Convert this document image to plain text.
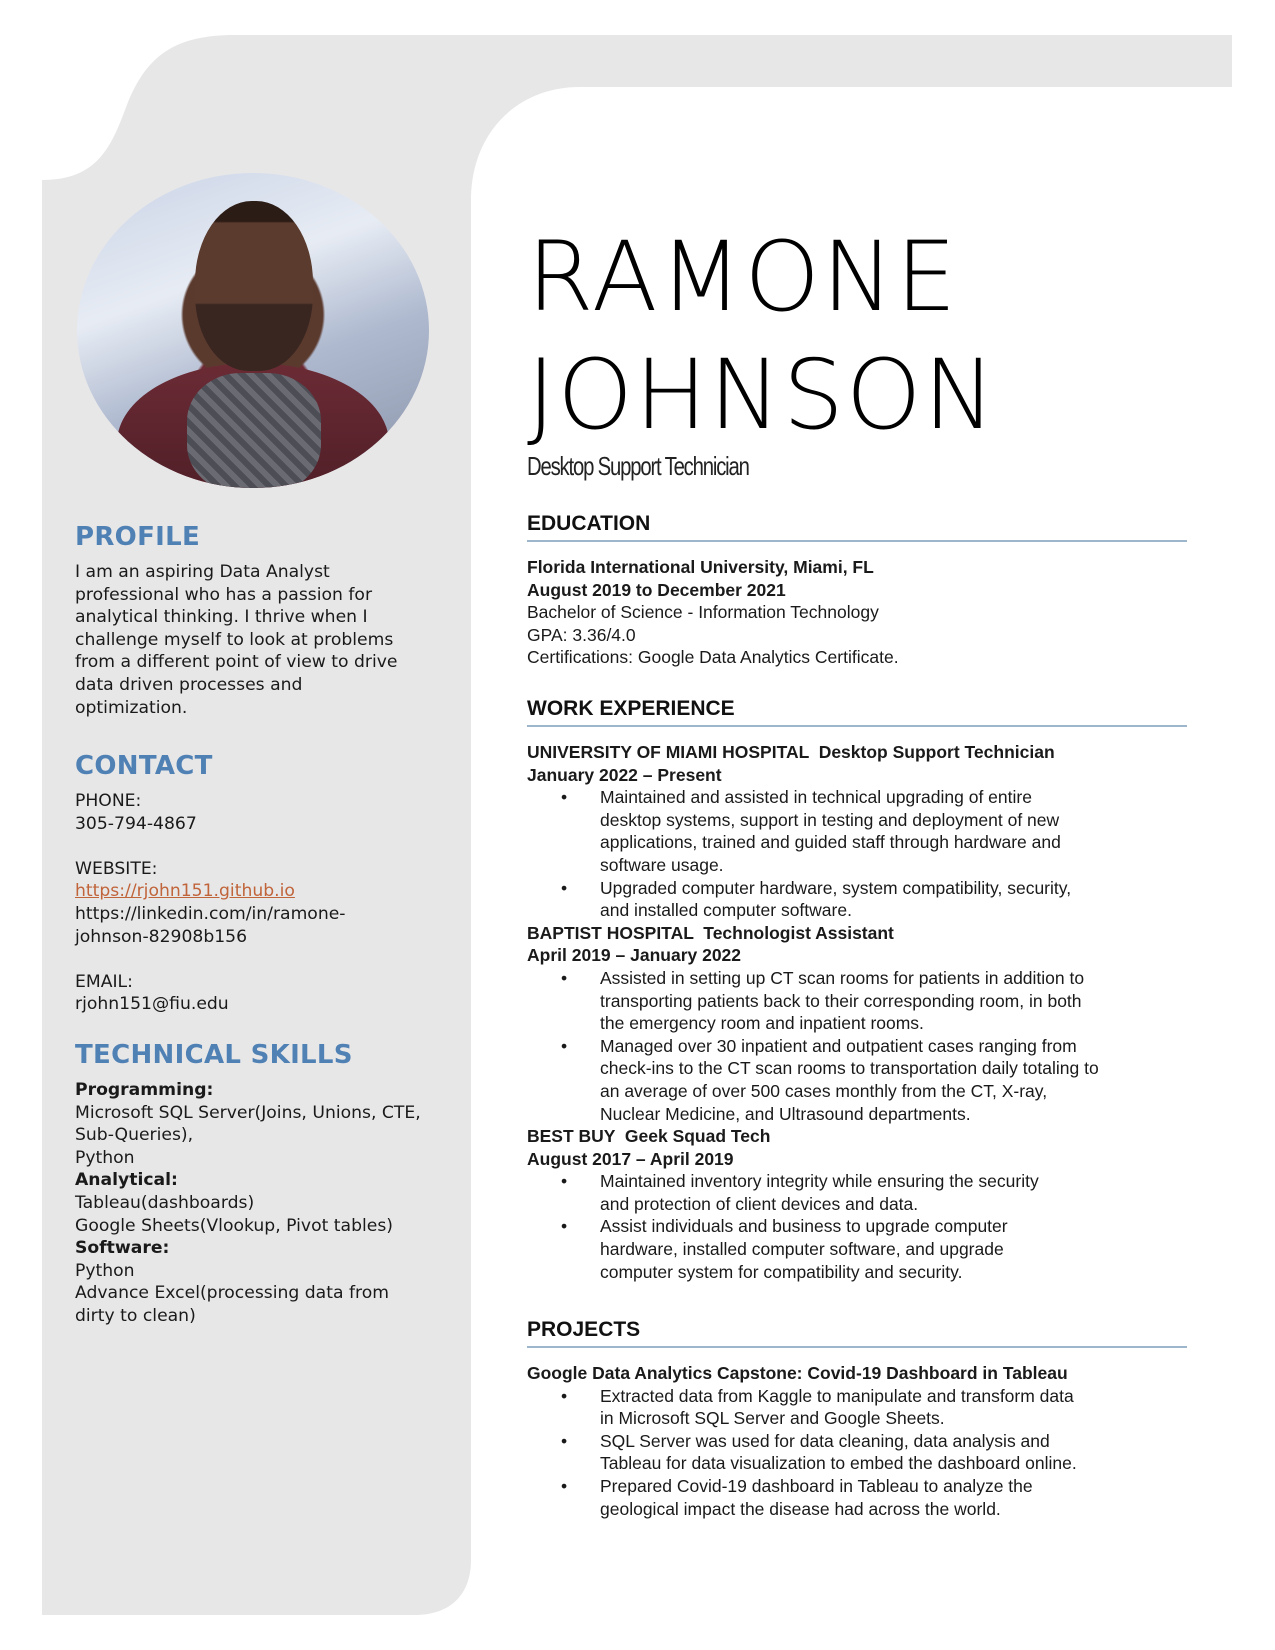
PROFILE

I am an aspiring Data Analyst

professional who has a passion for

analytical thinking. I thrive when I

challenge myself to look at problems

from a different point of view to drive

data driven processes and

optimization.

CONTACT

PHONE:

305-794-4867

WEBSITE:

https://rjohn151.github.io

https://linkedin.com/in/ramone-

johnson-82908b156

EMAIL:

rjohn151@fiu.edu

TECHNICAL SKILLS

Programming:

Microsoft SQL Server(Joins, Unions, CTE,

Sub-Queries),

Python

Analytical:

Tableau(dashboards)

Google Sheets(Vlookup, Pivot tables)

Software:

Python

Advance Excel(processing data from

dirty to clean)

RAMONE
JOHNSON
Desktop Support Technician
EDUCATION

Florida International University, Miami, FL

August 2019 to December 2021

Bachelor of Science - Information Technology

GPA: 3.36/4.0

Certifications: Google Data Analytics Certificate.

WORK EXPERIENCE

UNIVERSITY OF MIAMI HOSPITAL  Desktop Support Technician

January 2022 – Present

• Maintained and assisted in technical upgrading of entire
desktop systems, support in testing and deployment of new
applications, trained and guided staff through hardware and
software usage.
• Upgraded computer hardware, system compatibility, security,
and installed computer software.

BAPTIST HOSPITAL  Technologist Assistant

April 2019 – January 2022

• Assisted in setting up CT scan rooms for patients in addition to
transporting patients back to their corresponding room, in both
the emergency room and inpatient rooms.
• Managed over 30 inpatient and outpatient cases ranging from
check-ins to the CT scan rooms to transportation daily totaling to
an average of over 500 cases monthly from the CT, X-ray,
Nuclear Medicine, and Ultrasound departments.

BEST BUY  Geek Squad Tech

August 2017 – April 2019

• Maintained inventory integrity while ensuring the security
and protection of client devices and data.
• Assist individuals and business to upgrade computer
hardware, installed computer software, and upgrade
computer system for compatibility and security.
PROJECTS

Google Data Analytics Capstone: Covid-19 Dashboard in Tableau

• Extracted data from Kaggle to manipulate and transform data
in Microsoft SQL Server and Google Sheets.
• SQL Server was used for data cleaning, data analysis and
Tableau for data visualization to embed the dashboard online.
• Prepared Covid-19 dashboard in Tableau to analyze the
geological impact the disease had across the world.
